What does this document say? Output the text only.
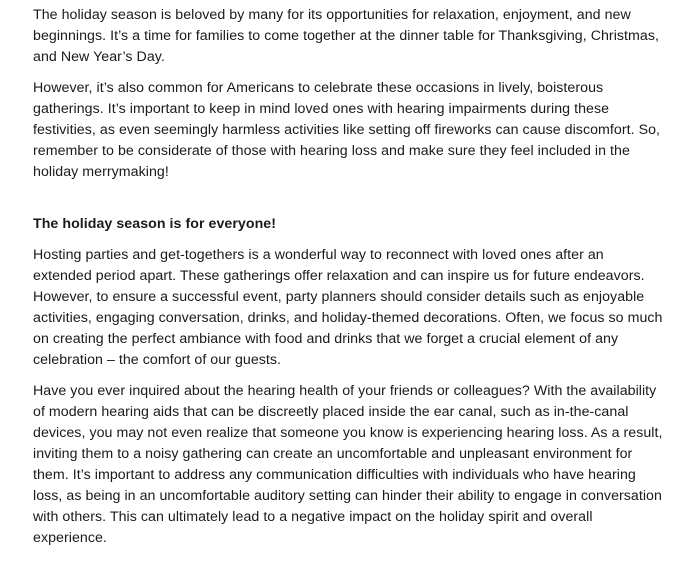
The holiday season is beloved by many for its opportunities for relaxation, enjoyment, and new beginnings. It’s a time for families to come together at the dinner table for Thanksgiving, Christmas, and New Year’s Day.

However, it’s also common for Americans to celebrate these occasions in lively, boisterous gatherings. It’s important to keep in mind loved ones with hearing impairments during these festivities, as even seemingly harmless activities like setting off fireworks can cause discomfort. So, remember to be considerate of those with hearing loss and make sure they feel included in the holiday merrymaking!

The holiday season is for everyone!

Hosting parties and get-togethers is a wonderful way to reconnect with loved ones after an extended period apart. These gatherings offer relaxation and can inspire us for future endeavors. However, to ensure a successful event, party planners should consider details such as enjoyable activities, engaging conversation, drinks, and holiday-themed decorations. Often, we focus so much on creating the perfect ambiance with food and drinks that we forget a crucial element of any celebration – the comfort of our guests.

Have you ever inquired about the hearing health of your friends or colleagues? With the availability of modern hearing aids that can be discreetly placed inside the ear canal, such as in-the-canal devices, you may not even realize that someone you know is experiencing hearing loss. As a result, inviting them to a noisy gathering can create an uncomfortable and unpleasant environment for them. It’s important to address any communication difficulties with individuals who have hearing loss, as being in an uncomfortable auditory setting can hinder their ability to engage in conversation with others. This can ultimately lead to a negative impact on the holiday spirit and overall experience.
